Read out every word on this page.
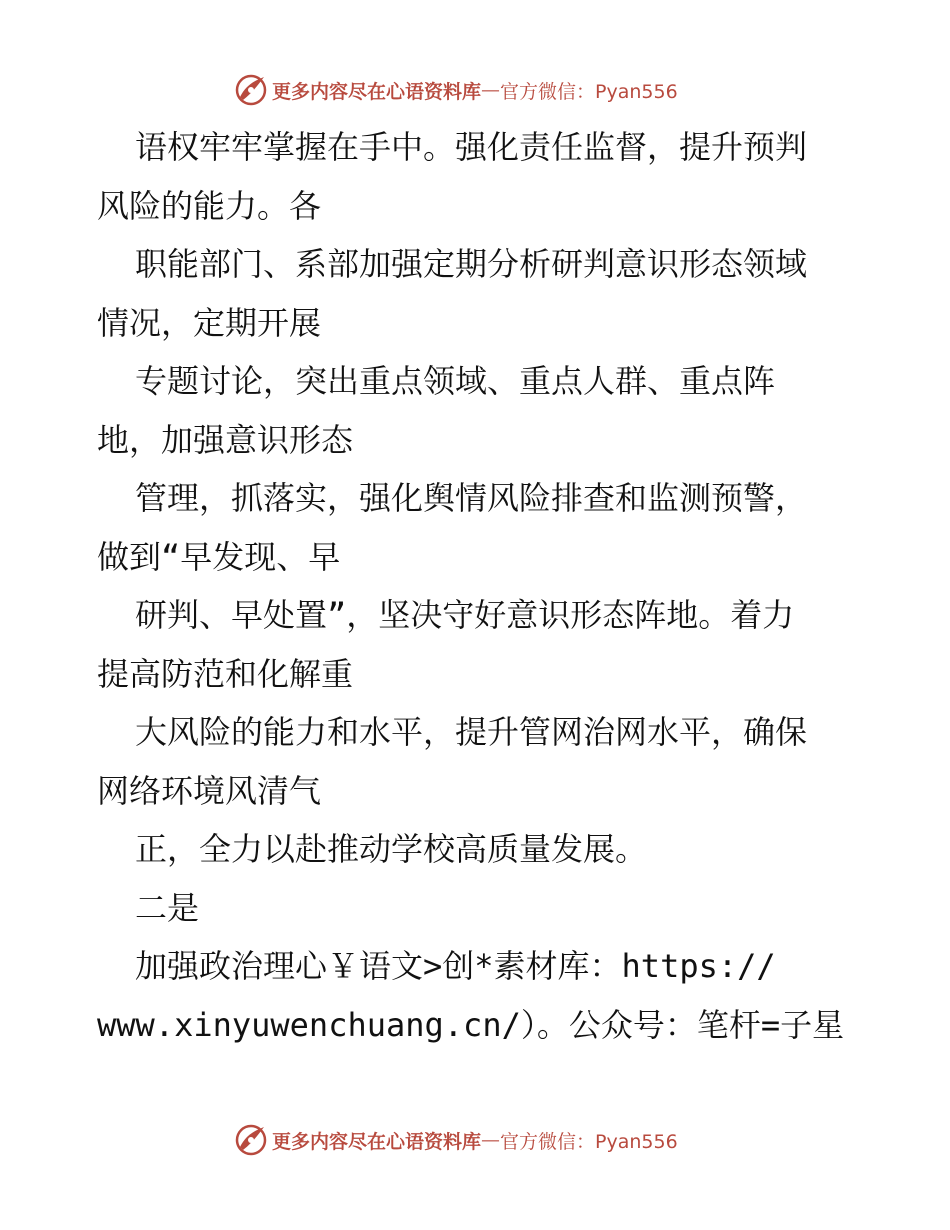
更多内容尽在心语资料库 — 官方微信：Pyan556
语权牢牢掌握在手中。强化责任监督，提升预判
风险的能力。各
职能部门、系部加强定期分析研判意识形态领域
情况，定期开展
专题讨论，突出重点领域、重点人群、重点阵
地，加强意识形态
管理，抓落实，强化舆情风险排查和监测预警，
做到“早发现、早
研判、早处置”，坚决守好意识形态阵地。着力
提高防范和化解重
大风险的能力和水平，提升管网治网水平，确保
网络环境风清气
正，全力以赴推动学校高质量发展。
二是
加强政治理心￥语文>创*素材库：https://
www.xinyuwenchuang.cn/）。公众号：笔杆=子星
更多内容尽在心语资料库 — 官方微信：Pyan556
